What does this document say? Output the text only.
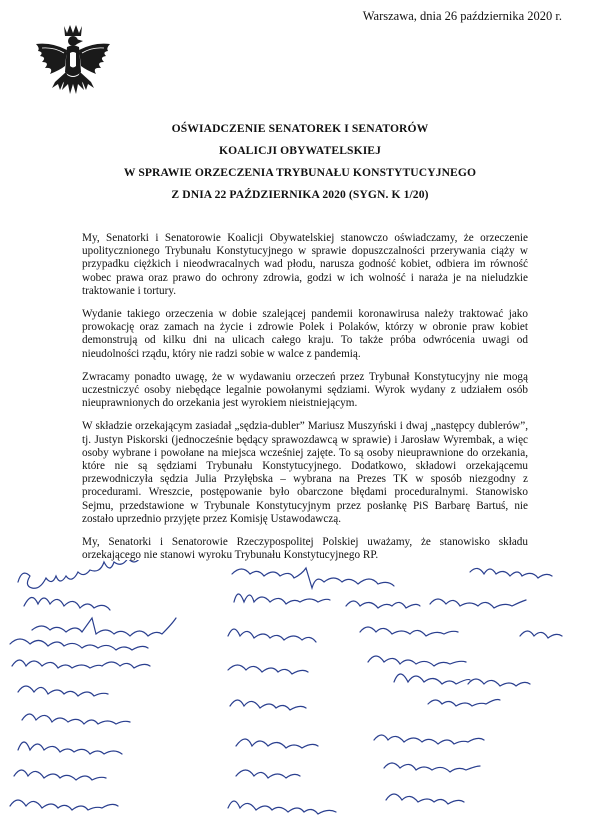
Warszawa, dnia 26 października 2020 r.
OŚWIADCZENIE SENATOREK I SENATORÓW
KOALICJI OBYWATELSKIEJ
W SPRAWIE ORZECZENIA TRYBUNAŁU KONSTYTUCYJNEGO
Z DNIA 22 PAŹDZIERNIKA 2020 (SYGN. K 1/20)

My, Senatorki i Senatorowie Koalicji Obywatelskiej stanowczo oświadczamy, że orzeczenie upolitycznionego Trybunału Konstytucyjnego w sprawie dopuszczalności przerywania ciąży w przypadku ciężkich i nieodwracalnych wad płodu, narusza godność kobiet, odbiera im równość wobec prawa oraz prawo do ochrony zdrowia, godzi w ich wolność i naraża je na nieludzkie traktowanie i tortury.

Wydanie takiego orzeczenia w dobie szalejącej pandemii koronawirusa należy traktować jako prowokację oraz zamach na życie i zdrowie Polek i Polaków, którzy w obronie praw kobiet demonstrują od kilku dni na ulicach całego kraju. To także próba odwrócenia uwagi od nieudolności rządu, który nie radzi sobie w walce z pandemią.

Zwracamy ponadto uwagę, że w wydawaniu orzeczeń przez Trybunał Konstytucyjny nie mogą uczestniczyć osoby niebędące legalnie powołanymi sędziami. Wyrok wydany z udziałem osób nieuprawnionych do orzekania jest wyrokiem nieistniejącym.

W składzie orzekającym zasiadał „sędzia-dubler” Mariusz Muszyński i dwaj „następcy dublerów”, tj. Justyn Piskorski (jednocześnie będący sprawozdawcą w sprawie) i Jarosław Wyrembak, a więc osoby wybrane i powołane na miejsca wcześniej zajęte. To są osoby nieuprawnione do orzekania, które nie są sędziami Trybunału Konstytucyjnego. Dodatkowo, składowi orzekającemu przewodniczyła sędzia Julia Przyłębska – wybrana na Prezes TK w sposób niezgodny z procedurami. Wreszcie, postępowanie było obarczone błędami proceduralnymi. Stanowisko Sejmu, przedstawione w Trybunale Konstytucyjnym przez posłankę PiS Barbarę Bartuś, nie zostało uprzednio przyjęte przez Komisję Ustawodawczą.

My, Senatorki i Senatorowie Rzeczypospolitej Polskiej uważamy, że stanowisko składu orzekającego nie stanowi wyroku Trybunału Konstytucyjnego RP.
